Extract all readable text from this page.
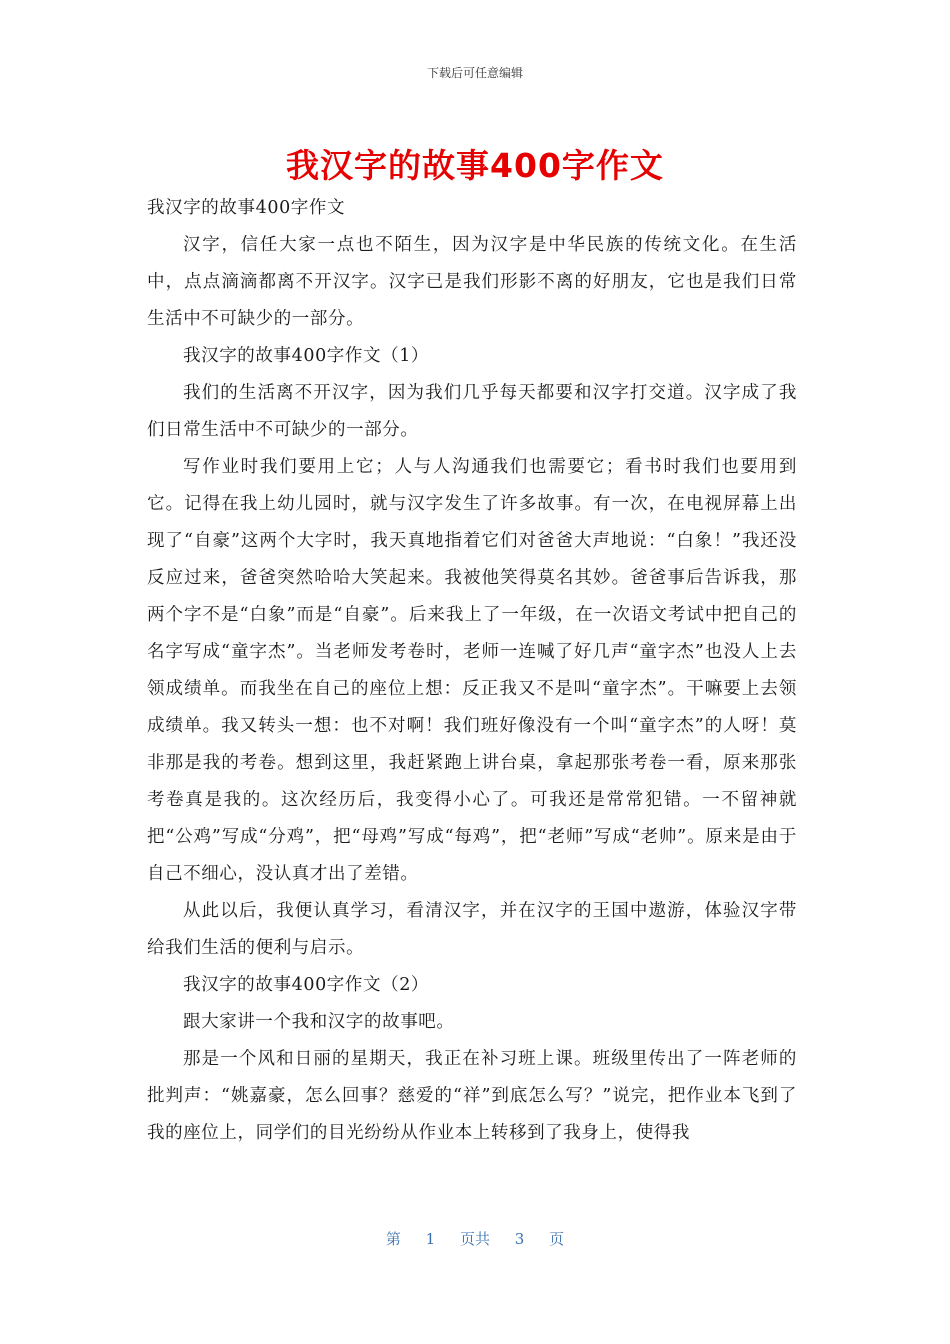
下载后可任意编辑
我汉字的故事400字作文

我汉字的故事400字作文

汉字，信任大家一点也不陌生，因为汉字是中华民族的传统文化。在生活中，点点滴滴都离不开汉字。汉字已是我们形影不离的好朋友，它也是我们日常生活中不可缺少的一部分。

我汉字的故事400字作文（1）

我们的生活离不开汉字，因为我们几乎每天都要和汉字打交道。汉字成了我们日常生活中不可缺少的一部分。

写作业时我们要用上它；人与人沟通我们也需要它；看书时我们也要用到它。记得在我上幼儿园时，就与汉字发生了许多故事。有一次，在电视屏幕上出现了“自豪”这两个大字时，我天真地指着它们对爸爸大声地说：“白象！”我还没反应过来，爸爸突然哈哈大笑起来。我被他笑得莫名其妙。爸爸事后告诉我，那两个字不是“白象”而是“自豪”。后来我上了一年级，在一次语文考试中把自己的名字写成“童字杰”。当老师发考卷时，老师一连喊了好几声“童字杰”也没人上去领成绩单。而我坐在自己的座位上想：反正我又不是叫“童字杰”。干嘛要上去领成绩单。我又转头一想：也不对啊！我们班好像没有一个叫“童字杰”的人呀！莫非那是我的考卷。想到这里，我赶紧跑上讲台桌，拿起那张考卷一看，原来那张考卷真是我的。这次经历后，我变得小心了。可我还是常常犯错。一不留神就把“公鸡”写成“分鸡”，把“母鸡”写成“每鸡”，把“老师”写成“老帅”。原来是由于自己不细心，没认真才出了差错。

从此以后，我便认真学习，看清汉字，并在汉字的王国中遨游，体验汉字带给我们生活的便利与启示。

我汉字的故事400字作文（2）

跟大家讲一个我和汉字的故事吧。

那是一个风和日丽的星期天，我正在补习班上课。班级里传出了一阵老师的批判声：“姚嘉豪，怎么回事？慈爱的“祥”到底怎么写？”说完，把作业本飞到了我的座位上，同学们的目光纷纷从作业本上转移到了我身上，使得我

第 1 页共 3 页
